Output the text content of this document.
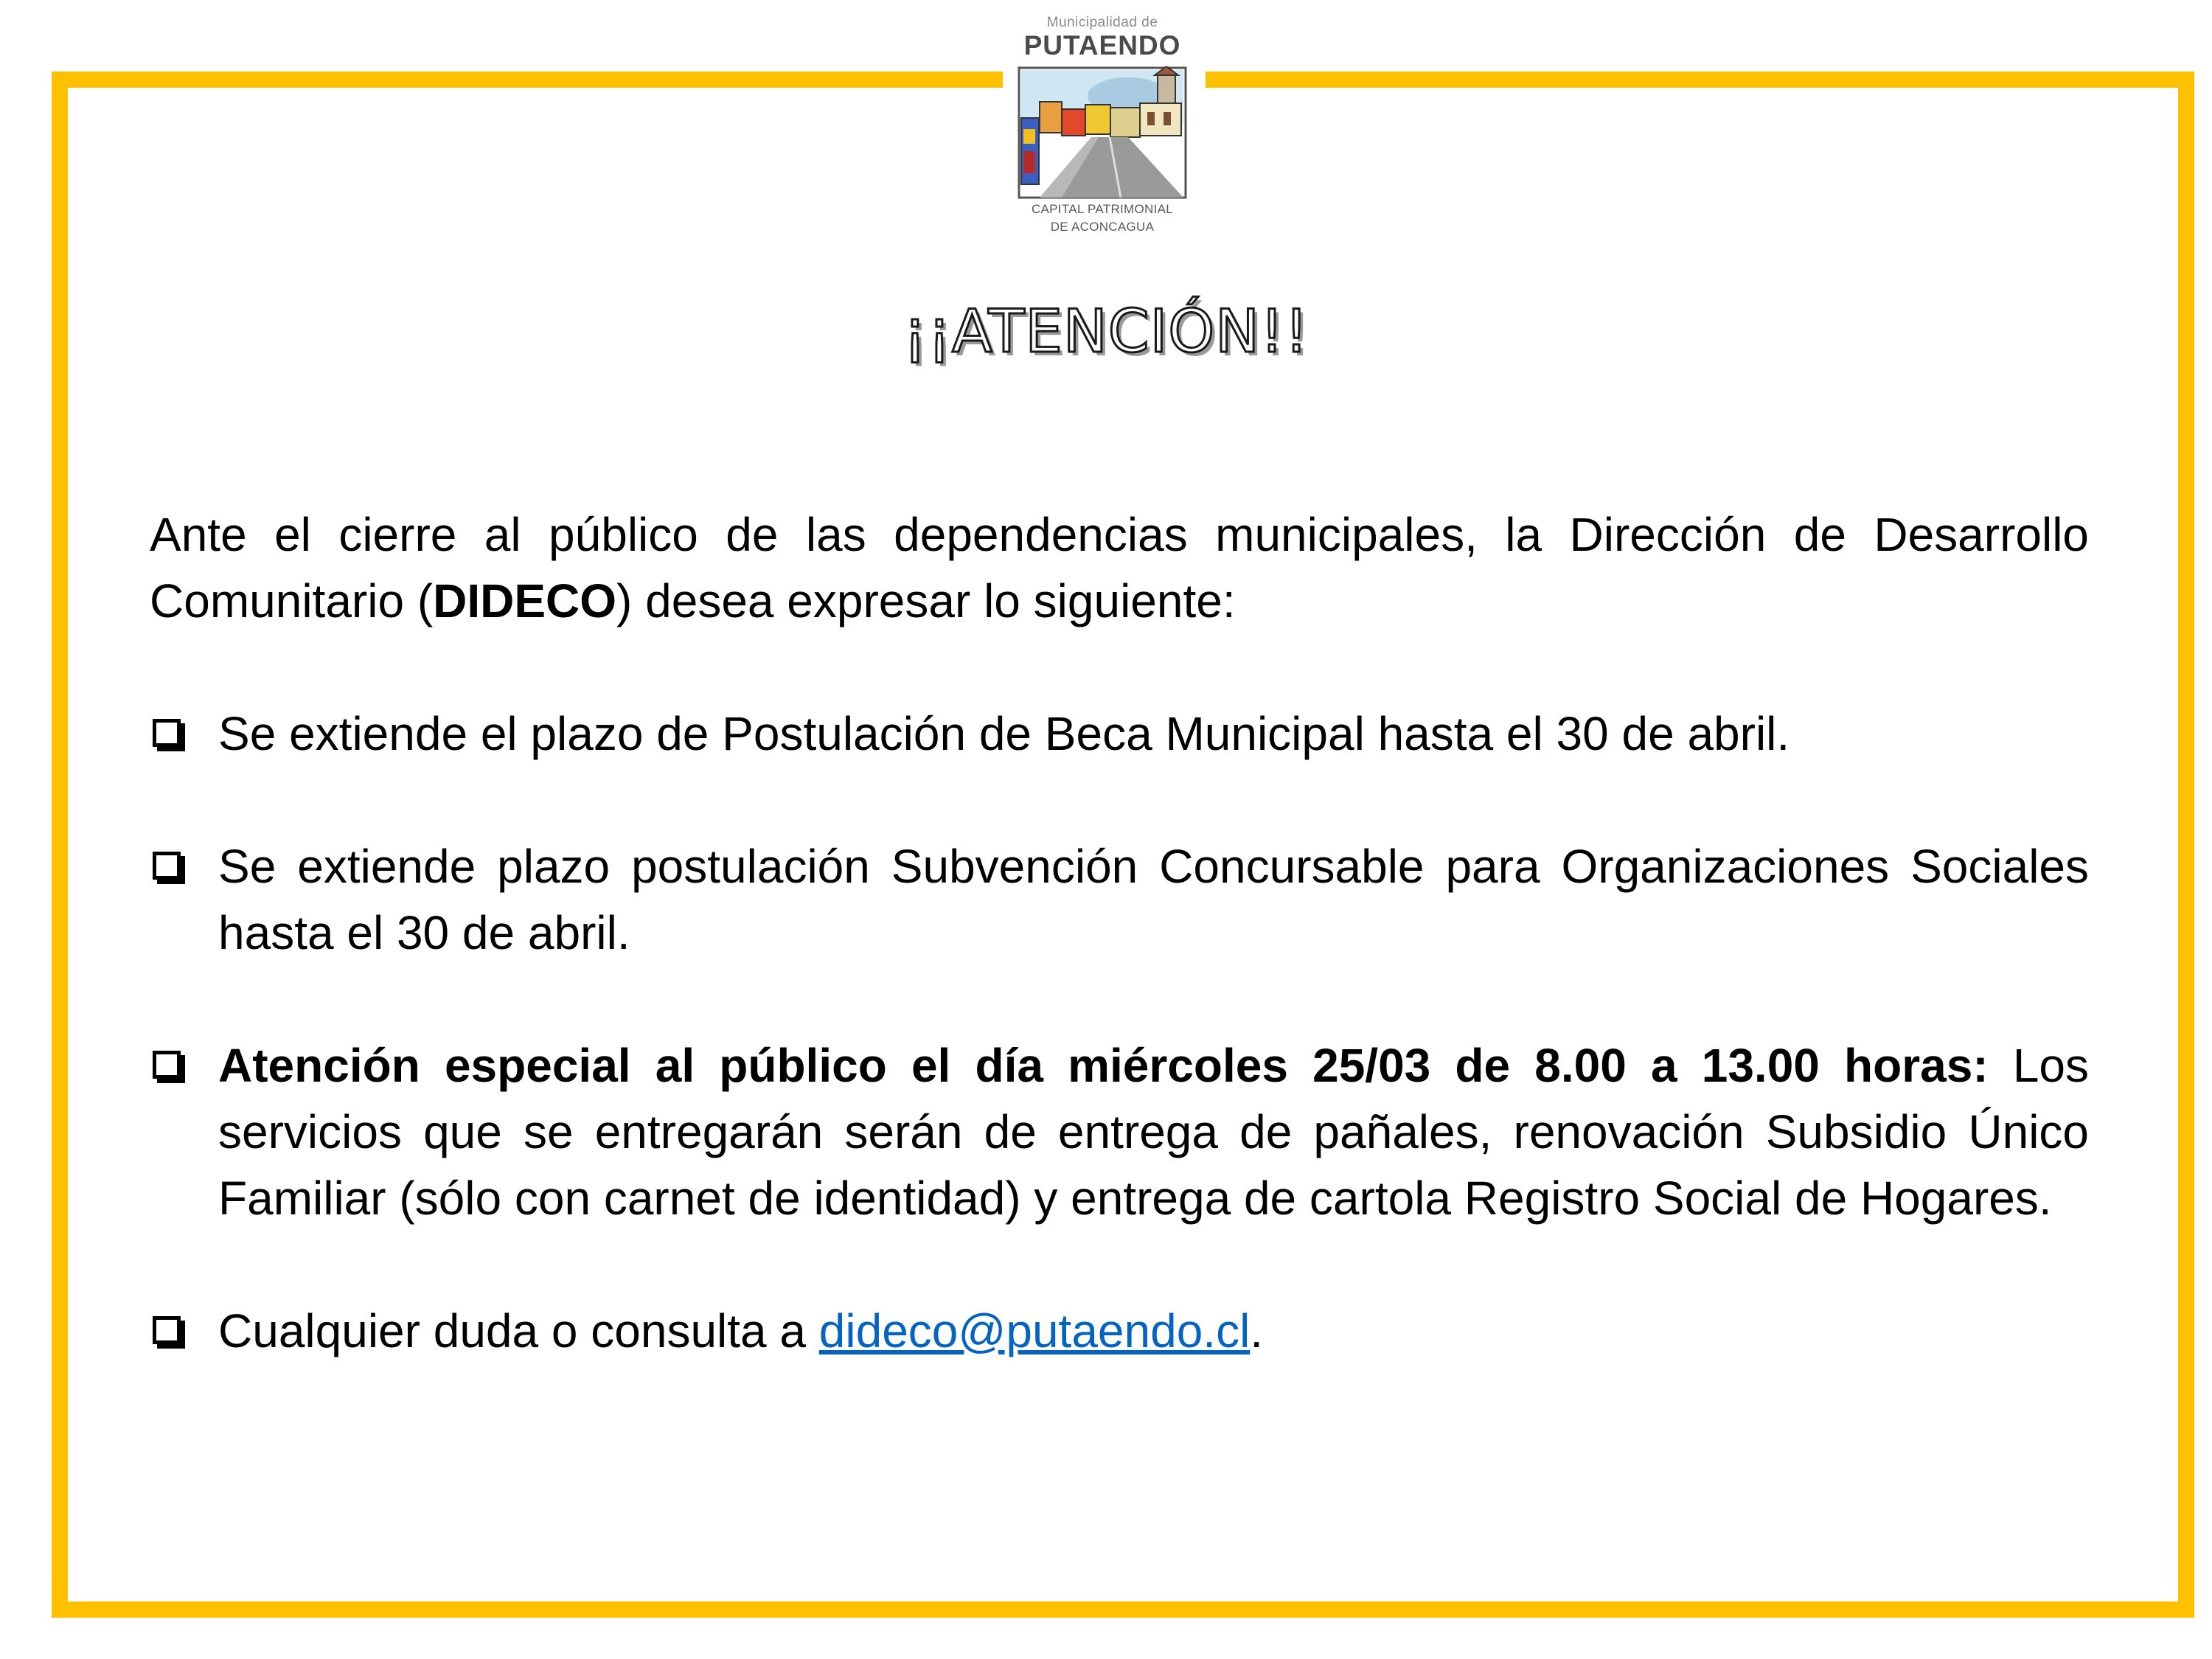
Municipalidad de
PUTAENDO
CAPITAL PATRIMONIAL
DE ACONCAGUA
¡¡ATENCIÓN!!

Ante el cierre al público de las dependencias municipales, la Dirección de Desarrollo Comunitario (DIDECO) desea expresar lo siguiente:

Se extiende el plazo de Postulación de Beca Municipal hasta el 30 de abril.
Se extiende plazo postulación Subvención Concursable para Organizaciones Sociales hasta el 30 de abril.
Atención especial al público el día miércoles 25/03 de 8.00 a 13.00 horas: Los servicios que se entregarán serán de entrega de pañales, renovación Subsidio Único Familiar (sólo con carnet de identidad) y entrega de cartola Registro Social de Hogares.
Cualquier duda o consulta a dideco@putaendo.cl.
